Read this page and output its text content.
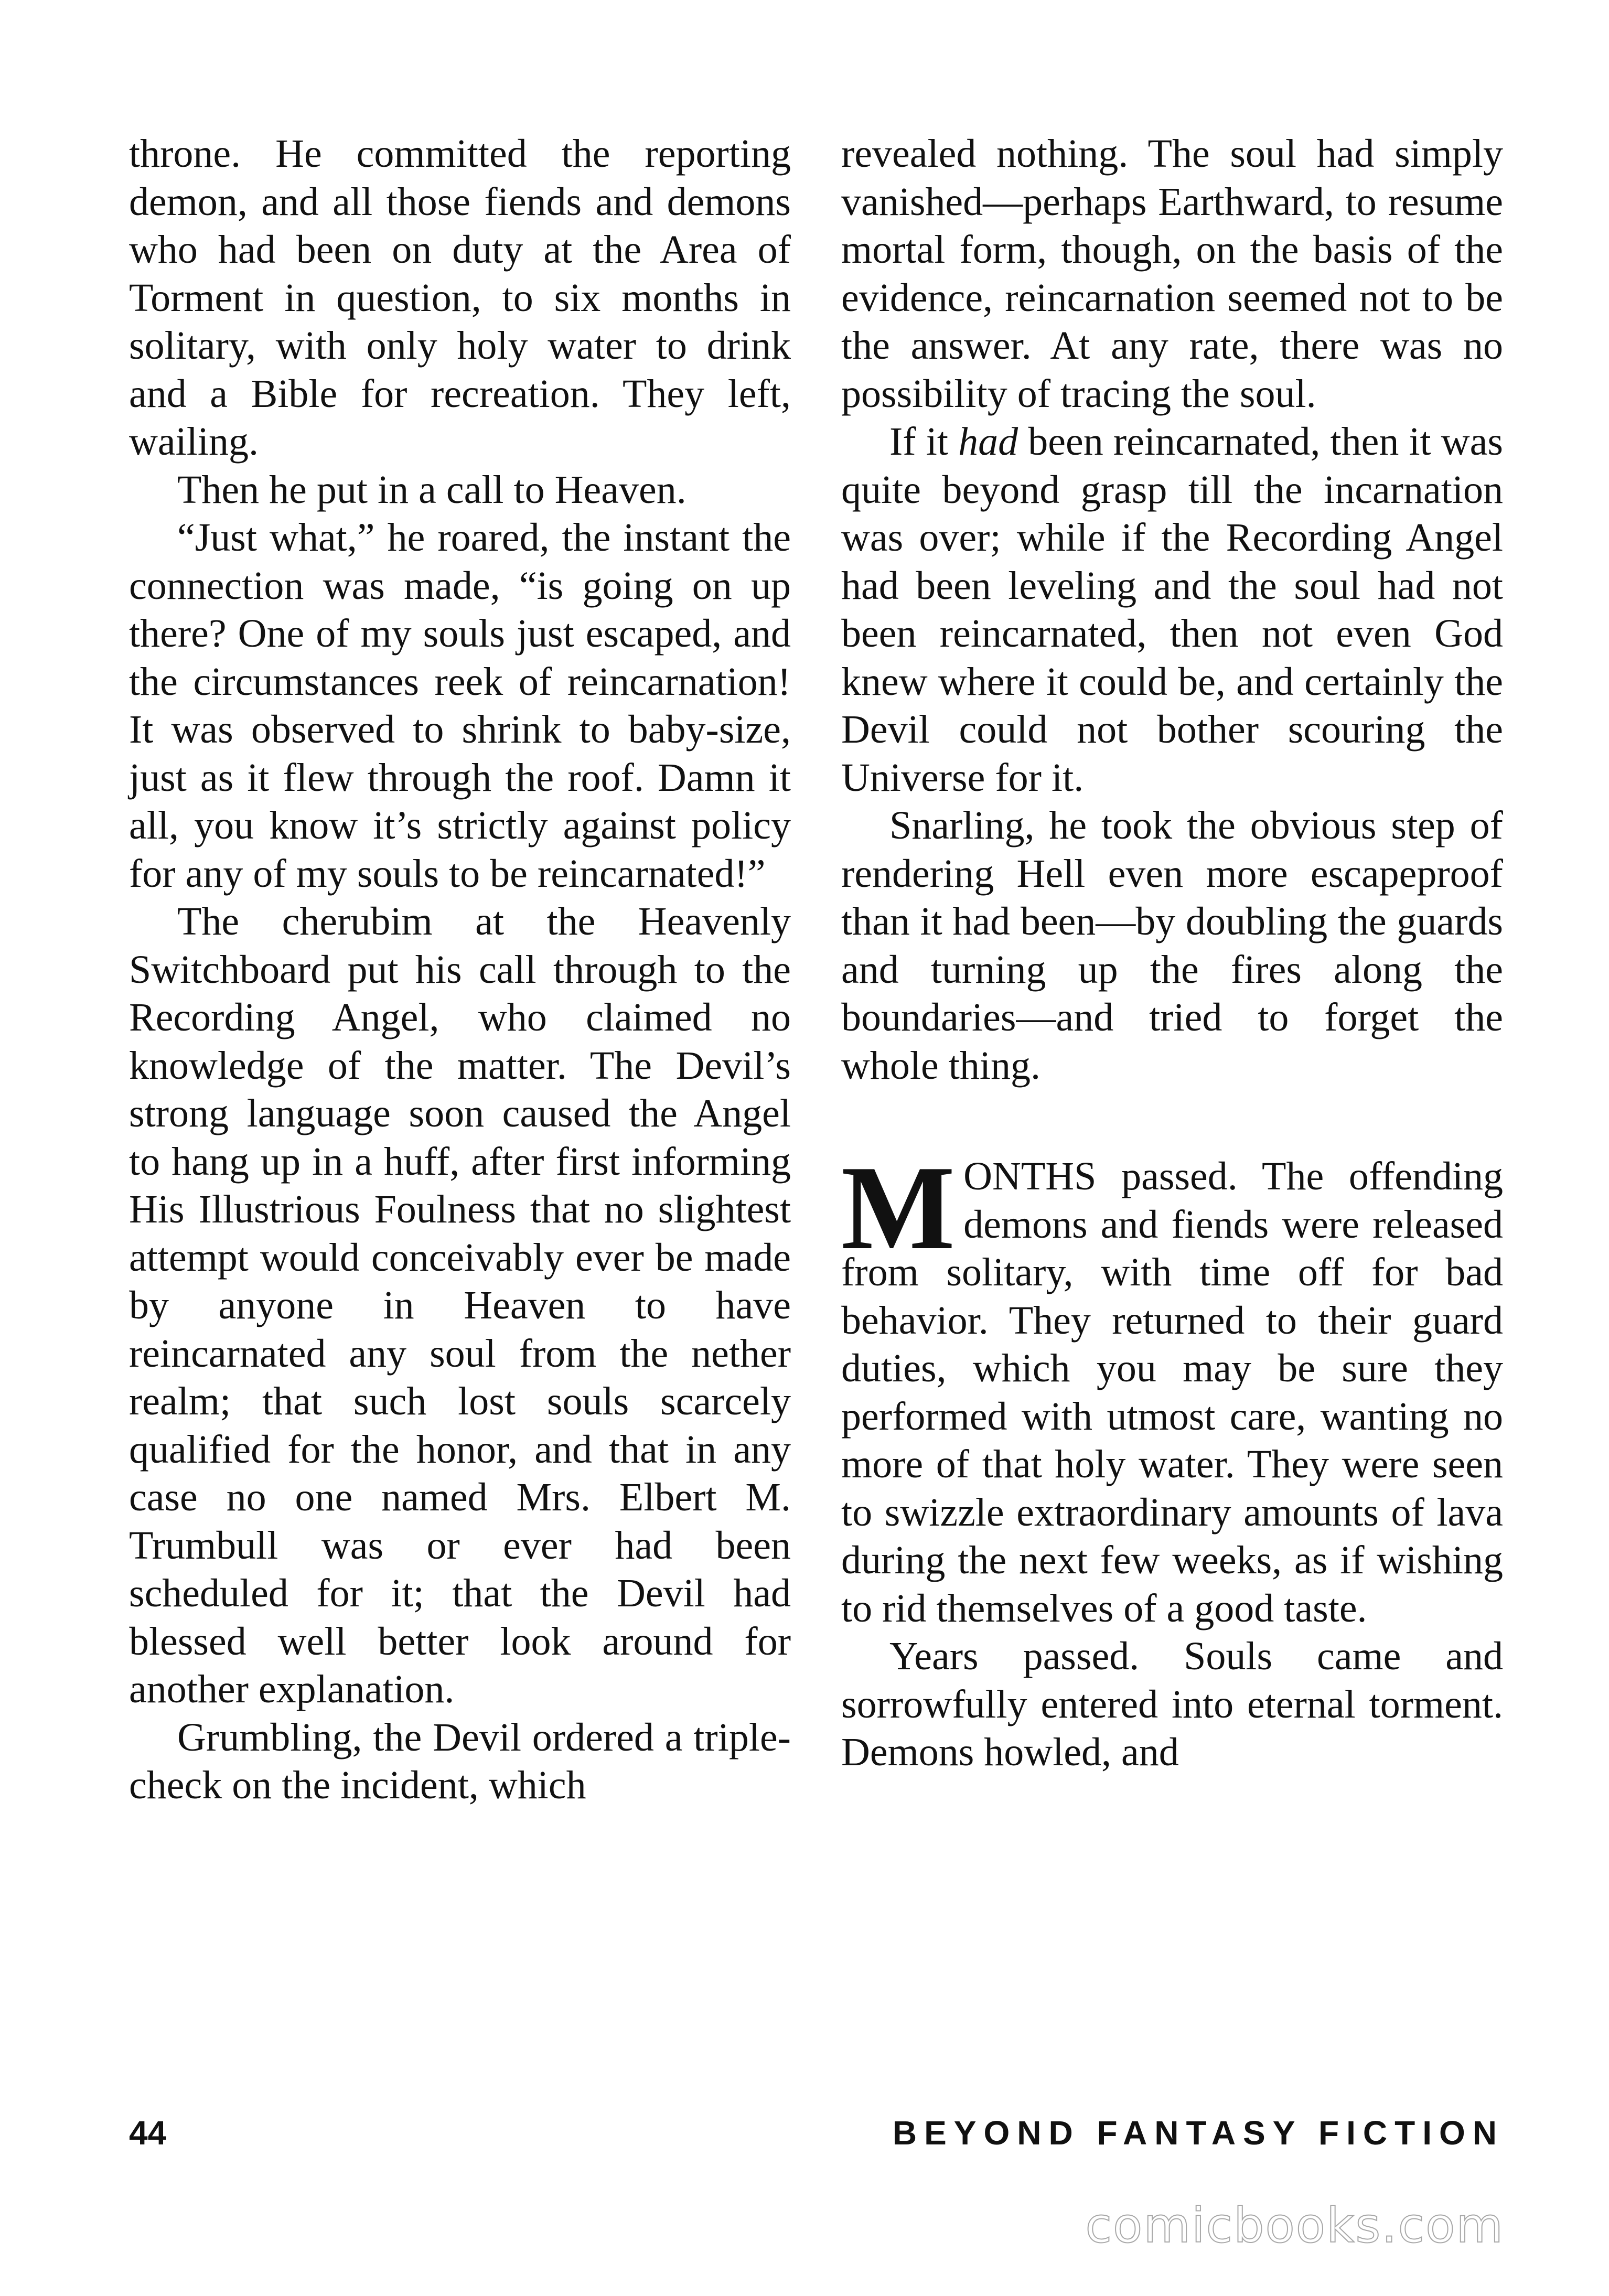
throne. He committed the reporting demon, and all those fiends and demons who had been on duty at the Area of Torment in question, to six months in solitary, with only holy water to drink and a Bible for recreation. They left, wailing.

Then he put in a call to Heaven.

“Just what,” he roared, the instant the connection was made, “is going on up there? One of my souls just escaped, and the circumstances reek of reincarnation! It was observed to shrink to baby-size, just as it flew through the roof. Damn it all, you know it’s strictly against policy for any of my souls to be reincarnated!”

The cherubim at the Heavenly Switchboard put his call through to the Recording Angel, who claimed no knowledge of the matter. The Devil’s strong language soon caused the Angel to hang up in a huff, after first informing His Illustrious Foulness that no slightest attempt would conceivably ever be made by anyone in Heaven to have reincarnated any soul from the nether realm; that such lost souls scarcely qualified for the honor, and that in any case no one named Mrs. Elbert M. Trumbull was or ever had been scheduled for it; that the Devil had blessed well better look around for another explanation.

Grumbling, the Devil ordered a triple-check on the incident, which

revealed nothing. The soul had simply vanished—perhaps Earthward, to resume mortal form, though, on the basis of the evidence, reincarnation seemed not to be the answer. At any rate, there was no possibility of tracing the soul.

If it had been reincarnated, then it was quite beyond grasp till the incarnation was over; while if the Recording Angel had been leveling and the soul had not been reincarnated, then not even God knew where it could be, and certainly the Devil could not bother scouring the Universe for it.

Snarling, he took the obvious step of rendering Hell even more escapeproof than it had been—by doubling the guards and turning up the fires along the boundaries—and tried to forget the whole thing.

MONTHS passed. The offending demons and fiends were released from solitary, with time off for bad behavior. They returned to their guard duties, which you may be sure they performed with utmost care, wanting no more of that holy water. They were seen to swizzle extraordinary amounts of lava during the next few weeks, as if wishing to rid themselves of a good taste.

Years passed. Souls came and sorrowfully entered into eternal torment. Demons howled, and

44	BEYOND FANTASY FICTION
comicbooks.com
